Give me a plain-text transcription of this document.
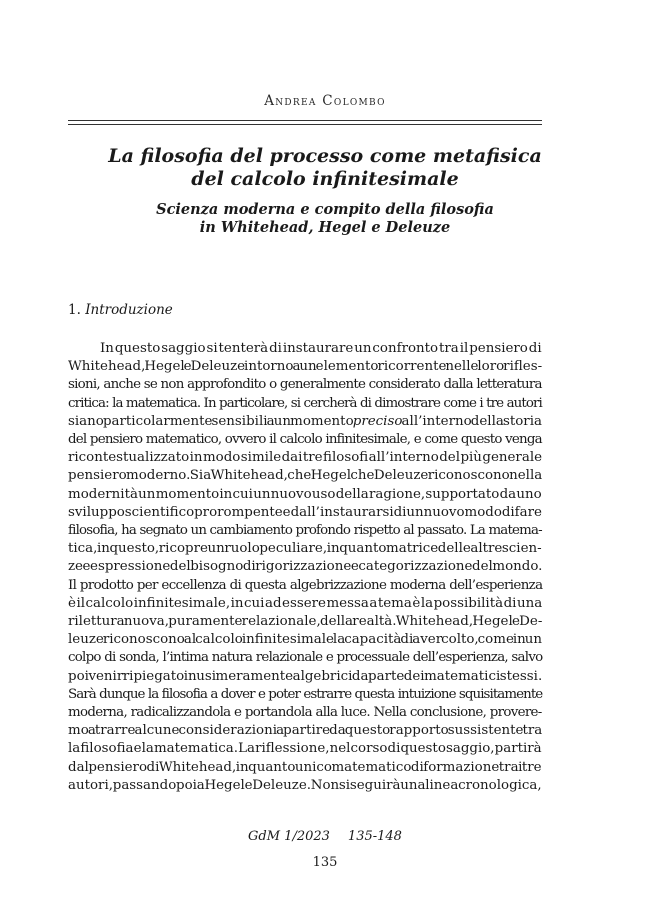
Andrea Colombo
La filosofia del processo come metafisica
del calcolo infinitesimale
Scienza moderna e compito della filosofia
in Whitehead, Hegel e Deleuze
1. Introduzione
In questo saggio si tenterà di instaurare un confronto tra il pensiero di
Whitehead, Hegel e Deleuze intorno a un elemento ricorrente nelle loro rifles-
sioni, anche se non approfondito o generalmente considerato dalla letteratura
critica: la matematica. In particolare, si cercherà di dimostrare come i tre autori
siano particolarmente sensibili a un momento preciso all’interno della storia
del pensiero matematico, ovvero il calcolo infinitesimale, e come questo venga
ricontestualizzato in modo simile dai tre filosofi all’interno del più generale
pensiero moderno. Sia Whitehead, che Hegel che Deleuze riconoscono nella
modernità un momento in cui un nuovo uso della ragione, supportato da uno
sviluppo scientifico prorompente e dall’instaurarsi di un nuovo modo di fare
filosofia, ha segnato un cambiamento profondo rispetto al passato. La matema-
tica, in questo, ricopre un ruolo peculiare, in quanto matrice delle altre scien-
ze e espressione del bisogno di rigorizzazione e categorizzazione del mondo.
Il prodotto per eccellenza di questa algebrizzazione moderna dell’esperienza
è il calcolo infinitesimale, in cui ad essere messa a tema è la possibilità di una
rilettura nuova, puramente relazionale, della realtà. Whitehead, Hegel e De-
leuze riconoscono al calcolo infinitesimale la capacità di aver colto, come in un
colpo di sonda, l’intima natura relazionale e processuale dell’esperienza, salvo
poi venir ripiegato in usi meramente algebrici da parte dei matematici stessi.
Sarà dunque la filosofia a dover e poter estrarre questa intuizione squisitamente
moderna, radicalizzandola e portandola alla luce. Nella conclusione, provere-
mo a trarre alcune considerazioni a partire da questo rapporto sussistente tra
la filosofia e la matematica. La riflessione, nel corso di questo saggio, partirà
dal pensiero di Whitehead, in quanto unico matematico di formazione tra i tre
autori, passando poi a Hegel e Deleuze. Non si seguirà una linea cronologica,
GdM 1/2023 135-148
135
